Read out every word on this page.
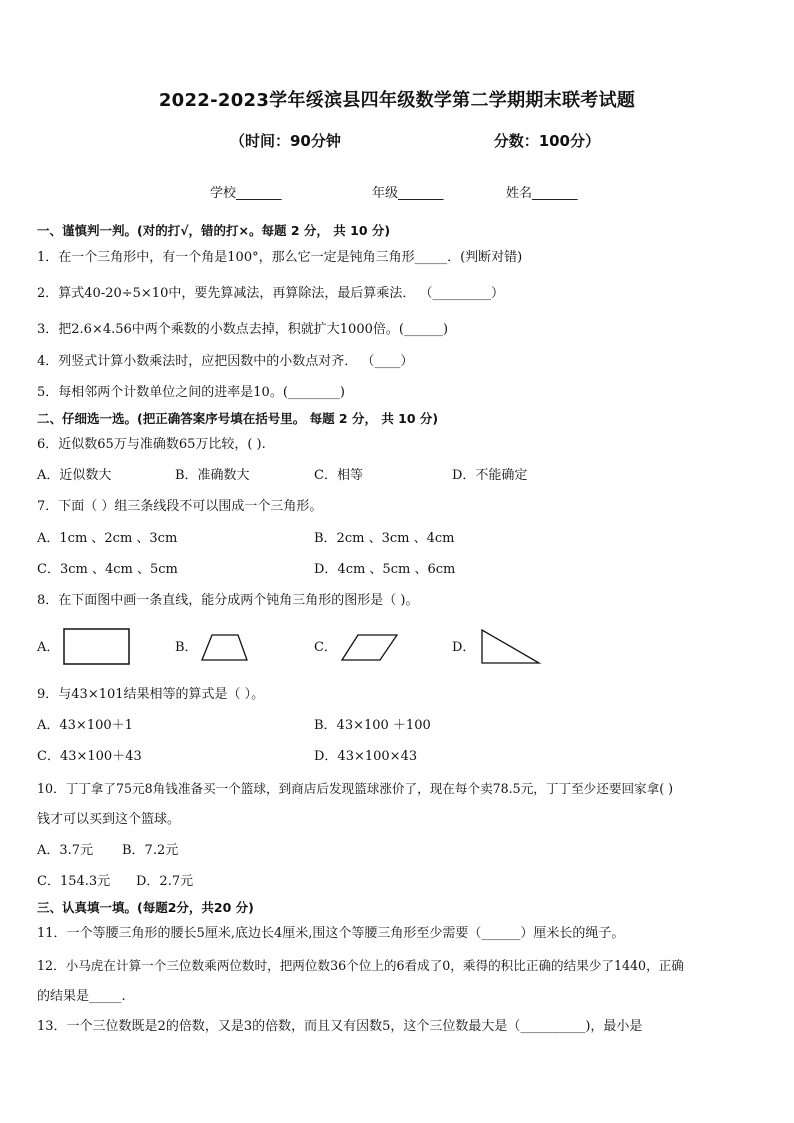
2022-2023学年绥滨县四年级数学第二学期期末联考试题
（时间：90分钟	分数：100分）
学校_______	年级_______	姓名_______
一、谨慎判一判。(对的打√，错的打×。每题 2 分， 共 10 分)
1．在一个三角形中，有一个角是100°，那么它一定是钝角三角形_____．(判断对错)
2．算式40-20÷5×10中，要先算减法，再算除法，最后算乘法． （_________）
3．把2.6×4.56中两个乘数的小数点去掉，积就扩大1000倍。(______)
4．列竖式计算小数乘法时，应把因数中的小数点对齐． （____）
5．每相邻两个计数单位之间的进率是10。(________)
二、仔细选一选。(把正确答案序号填在括号里。 每题 2 分， 共 10 分)
6．近似数65万与准确数65万比较，( ).
A．近似数大	B．准确数大	C．相等	D．不能确定
7．下面（ ）组三条线段不可以围成一个三角形。
A．1cm 、2cm 、3cm	B．2cm 、3cm 、4cm
C．3cm 、4cm 、5cm	D．4cm 、5cm 、6cm
8．在下面图中画一条直线，能分成两个钝角三角形的图形是（ )。
A．	B．	C．	D．
9．与43×101结果相等的算式是（ ）。
A．43×100＋1	B．43×100 ＋100
C．43×100＋43	D．43×100×43
10．丁丁拿了75元8角钱准备买一个篮球，到商店后发现篮球涨价了，现在每个卖78.5元，丁丁至少还要回家拿( )
钱才可以买到这个篮球。
A．3.7元 B．7.2元
C．154.3元 D．2.7元
三、认真填一填。(每题2分，共20 分)
11．一个等腰三角形的腰长5厘米,底边长4厘米,围这个等腰三角形至少需要（______）厘米长的绳子。
12．小马虎在计算一个三位数乘两位数时，把两位数36个位上的6看成了0，乘得的积比正确的结果少了1440，正确
的结果是_____.
13．一个三位数既是2的倍数，又是3的倍数，而且又有因数5，这个三位数最大是（__________)，最小是
